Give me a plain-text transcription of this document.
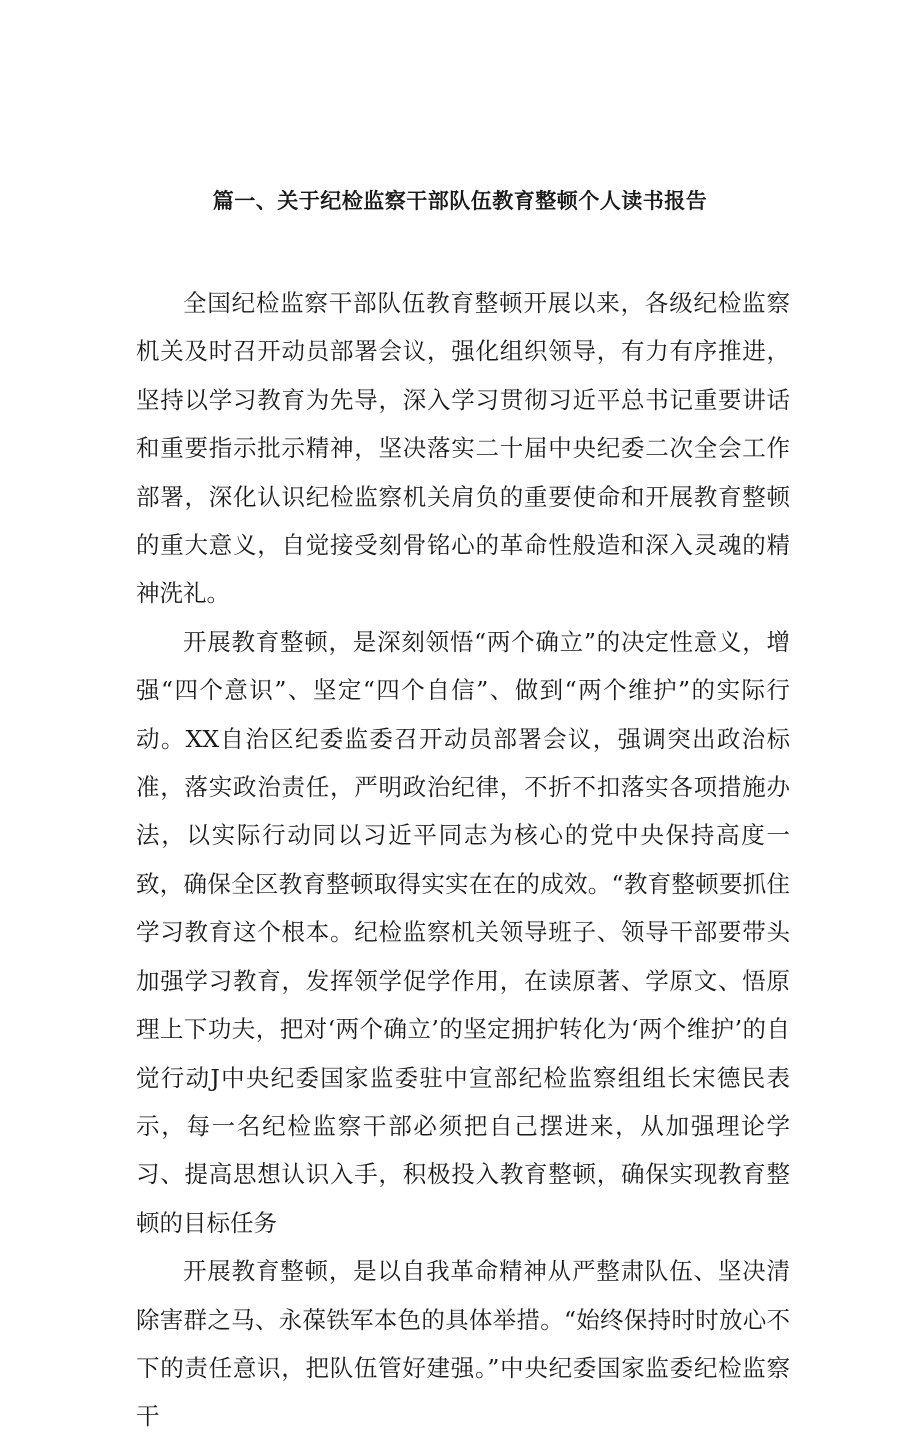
篇一、关于纪检监察干部队伍教育整顿个人读书报告

全国纪检监察干部队伍教育整顿开展以来，各级纪检监察机关及时召开动员部署会议，强化组织领导，有力有序推进，坚持以学习教育为先导，深入学习贯彻习近平总书记重要讲话和重要指示批示精神，坚决落实二十届中央纪委二次全会工作部署，深化认识纪检监察机关肩负的重要使命和开展教育整顿的重大意义，自觉接受刻骨铭心的革命性般造和深入灵魂的精神洗礼。

开展教育整顿，是深刻领悟“两个确立”的决定性意义，增强“四个意识”、坚定“四个自信”、做到“两个维护”的实际行动。XX自治区纪委监委召开动员部署会议，强调突出政治标准，落实政治责任，严明政治纪律，不折不扣落实各项措施办法，以实际行动同以习近平同志为核心的党中央保持高度一致，确保全区教育整顿取得实实在在的成效。“教育整顿要抓住学习教育这个根本。纪检监察机关领导班子、领导干部要带头加强学习教育，发挥领学促学作用，在读原著、学原文、悟原理上下功夫，把对‘两个确立’的坚定拥护转化为‘两个维护’的自觉行动J中央纪委国家监委驻中宣部纪检监察组组长宋德民表示，每一名纪检监察干部必须把自己摆进来，从加强理论学习、提高思想认识入手，积极投入教育整顿，确保实现教育整顿的目标任务

开展教育整顿，是以自我革命精神从严整肃队伍、坚决清除害群之马、永葆铁军本色的具体举措。“始终保持时时放心不下的责任意识，把队伍管好建强。”中央纪委国家监委纪检监察干
